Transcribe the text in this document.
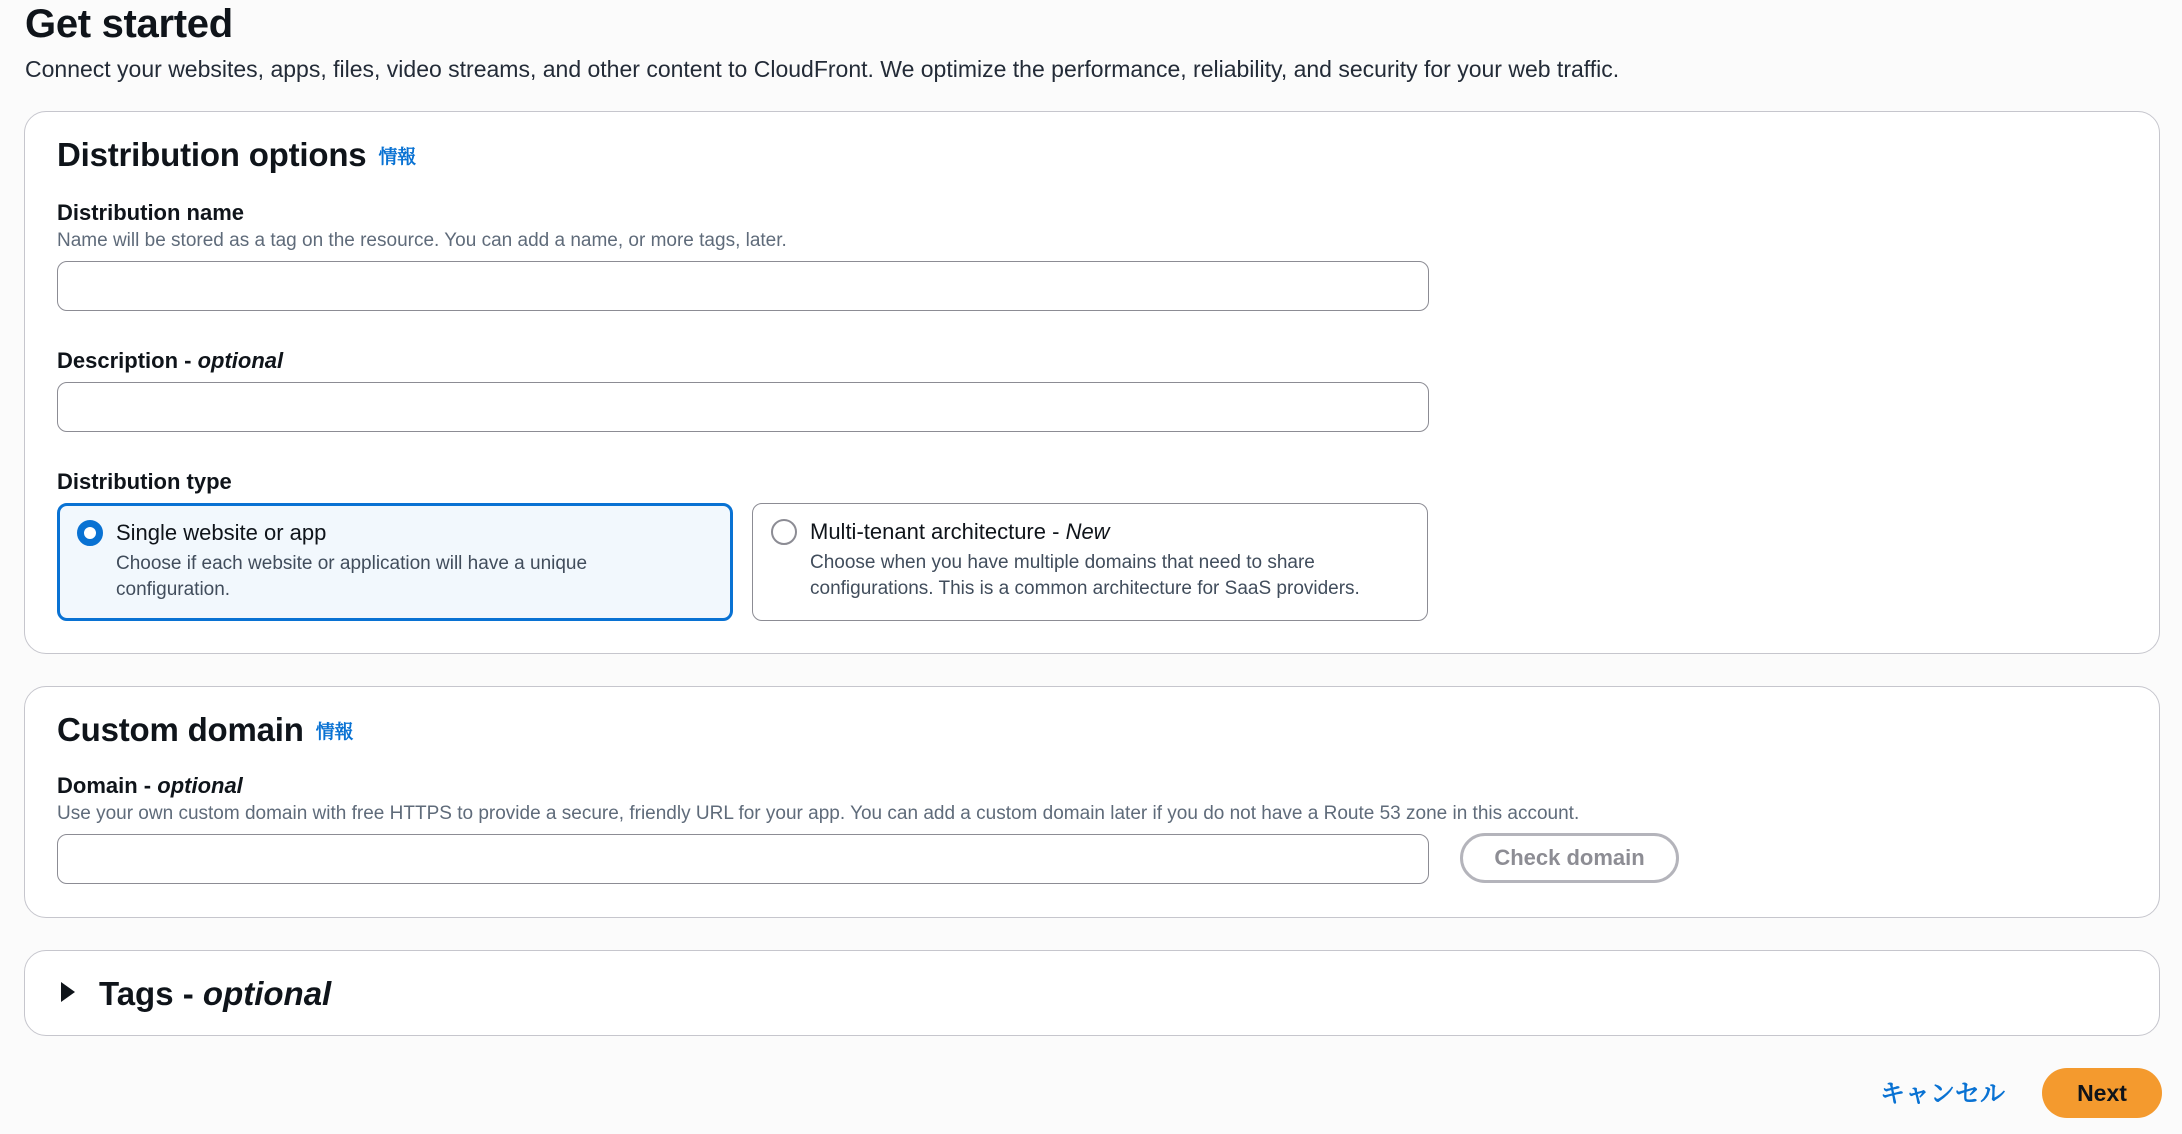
Get started
Connect your websites, apps, files, video streams, and other content to CloudFront. We optimize the performance, reliability, and security for your web traffic.
Distribution options 情報
Distribution name
Name will be stored as a tag on the resource. You can add a name, or more tags, later.
Description - optional
Distribution type
Single website or app
Choose if each website or application will have a unique configuration.
Multi-tenant architecture - New
Choose when you have multiple domains that need to share configurations. This is a common architecture for SaaS providers.
Custom domain 情報
Domain - optional
Use your own custom domain with free HTTPS to provide a secure, friendly URL for your app. You can add a custom domain later if you do not have a Route 53 zone in this account.
Check domain
Tags - optional
キャンセル	Next
